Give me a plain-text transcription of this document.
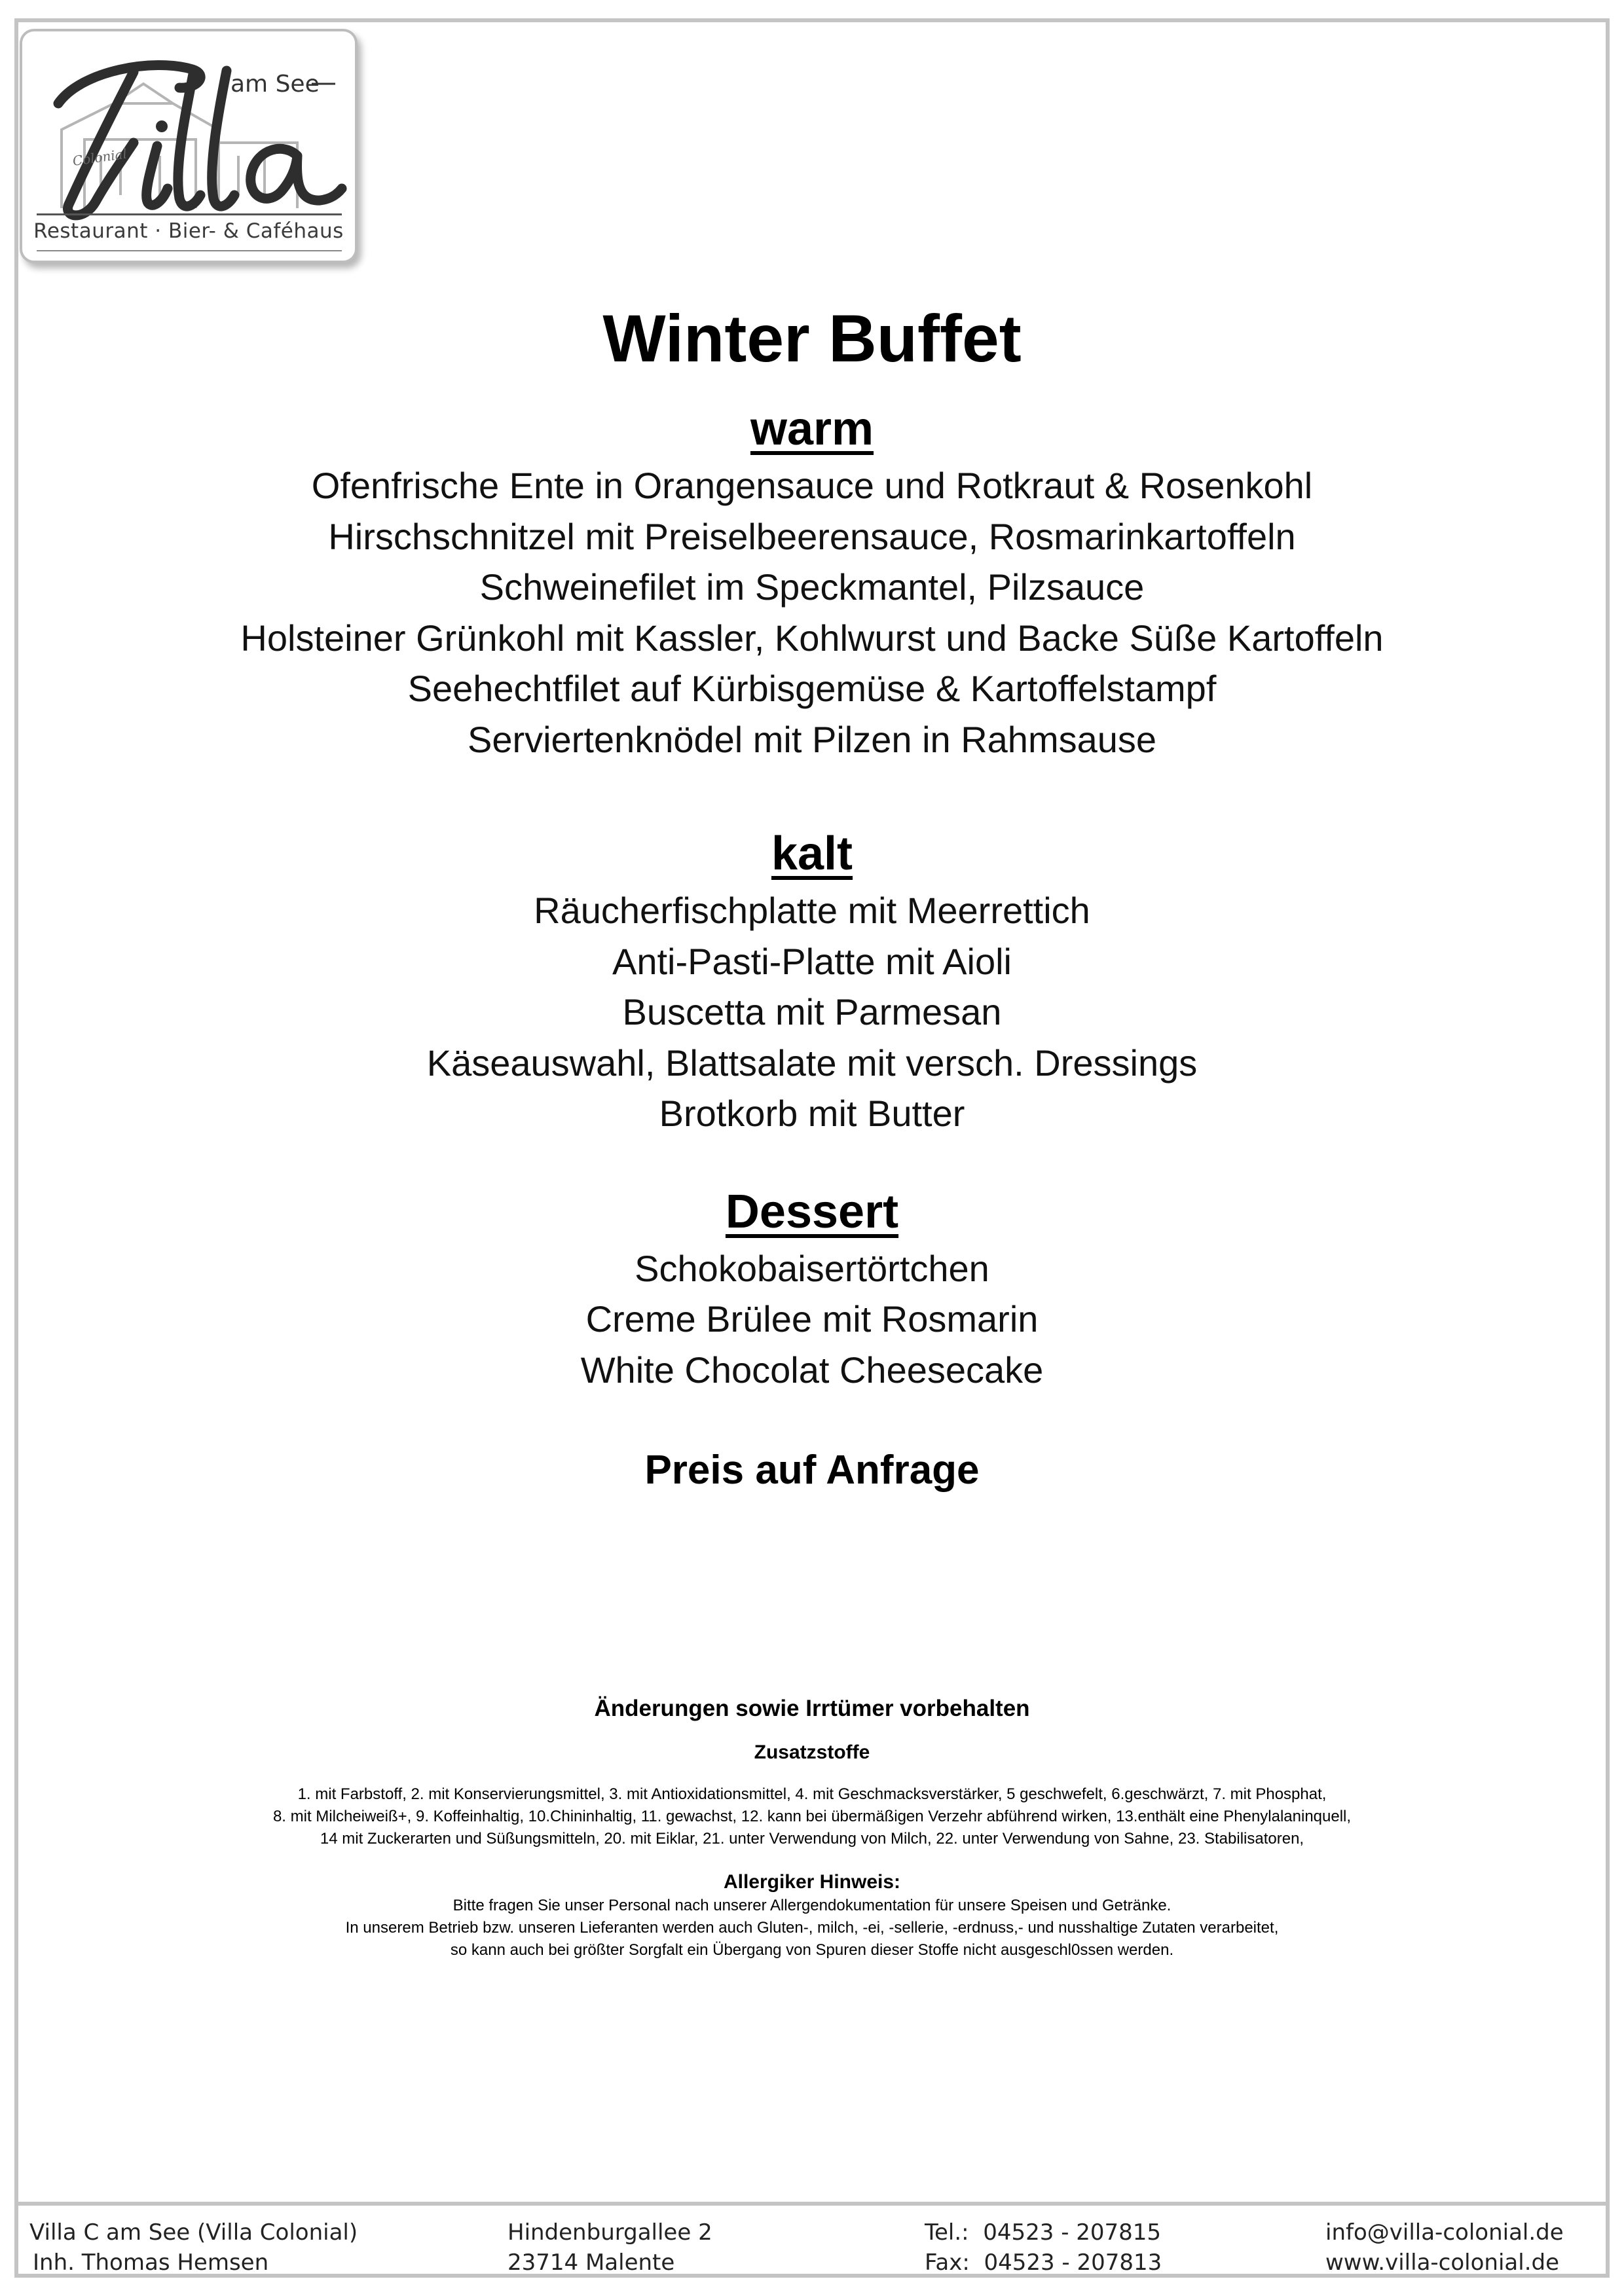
Colonial
am See
Restaurant · Bier- & Caféhaus
Winter Buffet
warm
Ofenfrische Ente in Orangensauce und Rotkraut & Rosenkohl
Hirschschnitzel mit Preiselbeerensauce, Rosmarinkartoffeln
Schweinefilet im Speckmantel, Pilzsauce
Holsteiner Grünkohl mit Kassler, Kohlwurst und Backe Süße Kartoffeln
Seehechtfilet auf Kürbisgemüse & Kartoffelstampf
Serviertenknödel mit Pilzen in Rahmsause
kalt
Räucherfischplatte mit Meerrettich
Anti-Pasti-Platte mit Aioli
Buscetta mit Parmesan
Käseauswahl, Blattsalate mit versch. Dressings
Brotkorb mit Butter
Dessert
Schokobaisertörtchen
Creme Brülee mit Rosmarin
White Chocolat Cheesecake

Preis auf Anfrage

Änderungen sowie Irrtümer vorbehalten
Zusatzstoffe

1. mit Farbstoff, 2. mit Konservierungsmittel, 3. mit Antioxidationsmittel, 4. mit Geschmacksverstärker, 5 geschwefelt, 6.geschwärzt, 7. mit Phosphat,

8. mit Milcheiweiß+, 9. Koffeinhaltig, 10.Chininhaltig, 11. gewachst, 12. kann bei übermäßigen Verzehr abführend wirken, 13.enthält eine Phenylalaninquell,

14 mit Zuckerarten und Süßungsmitteln, 20. mit Eiklar, 21. unter Verwendung von Milch, 22. unter Verwendung von Sahne, 23. Stabilisatoren,

Allergiker Hinweis:

Bitte fragen Sie unser Personal nach unserer Allergendokumentation für unsere Speisen und Getränke.

In unserem Betrieb bzw. unseren Lieferanten werden auch Gluten-, milch, -ei, -sellerie, -erdnuss,- und nusshaltige Zutaten verarbeitet,

so kann auch bei größter Sorgfalt ein Übergang von Spuren dieser Stoffe nicht ausgeschl0ssen werden.

Villa C am See (Villa Colonial)
Inh. Thomas Hemsen
Hindenburgallee 2
23714 Malente
Tel.:  04523 - 207815
Fax:  04523 - 207813
info@villa-colonial.de
www.villa-colonial.de
